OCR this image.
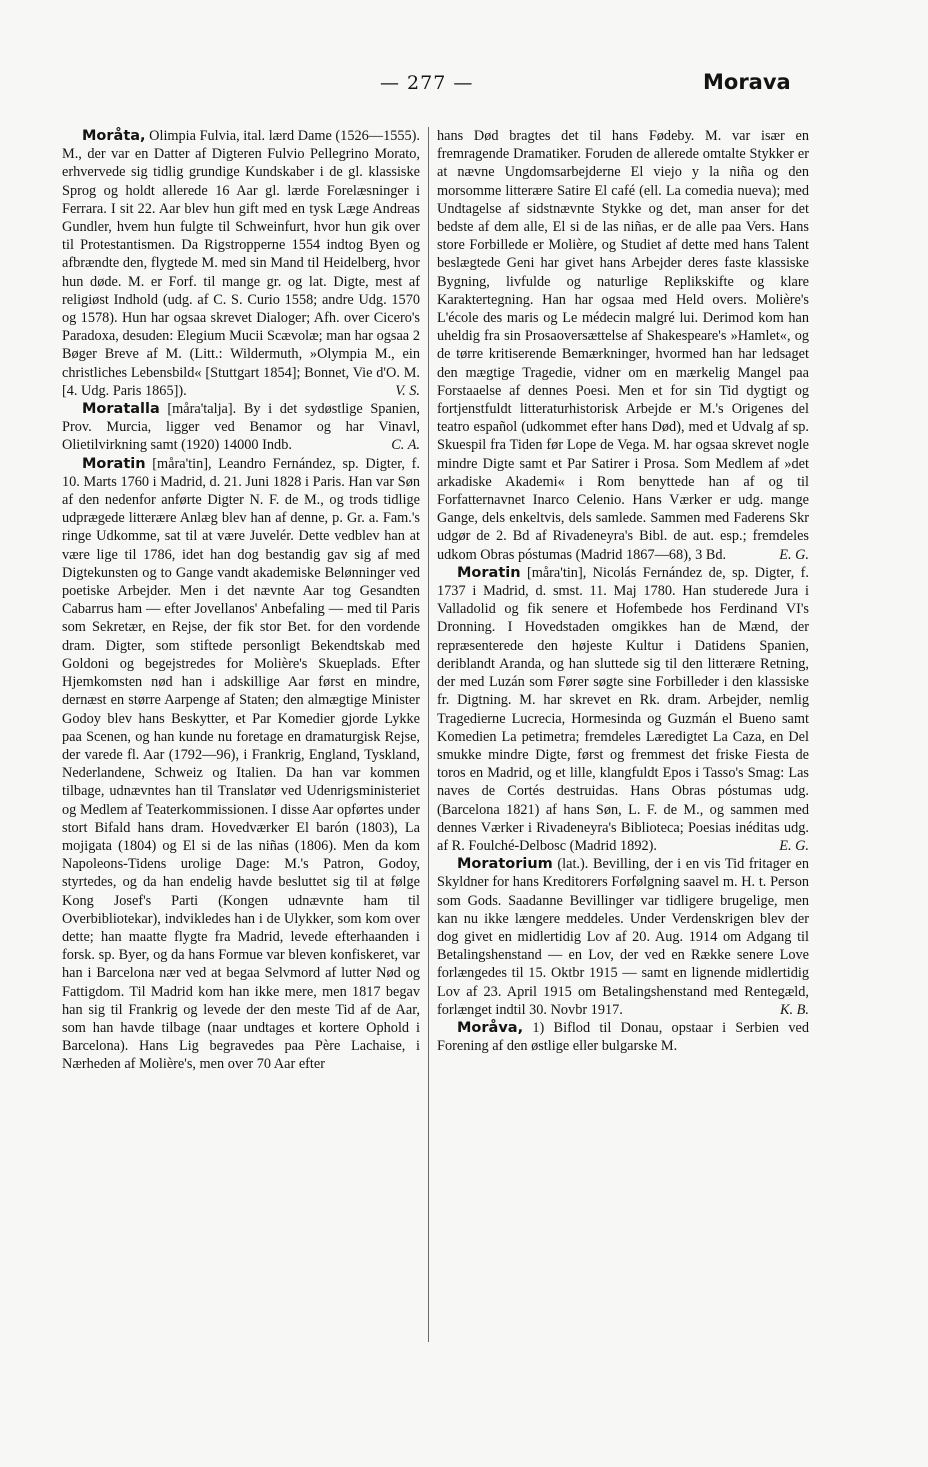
— 277 —	Morava

Moråta, Olimpia Fulvia, ital. lærd Dame (1526—1555). M., der var en Datter af Digteren Fulvio Pellegrino Morato, erhvervede sig tidlig grundige Kundskaber i de gl. klassiske Sprog og holdt allerede 16 Aar gl. lærde Forelæsninger i Ferrara. I sit 22. Aar blev hun gift med en tysk Læge Andreas Gundler, hvem hun fulgte til Schweinfurt, hvor hun gik over til Protestantismen. Da Rigstropperne 1554 indtog Byen og afbrændte den, flygtede M. med sin Mand til Heidelberg, hvor hun døde. M. er Forf. til mange gr. og lat. Digte, mest af religiøst Indhold (udg. af C. S. Curio 1558; andre Udg. 1570 og 1578). Hun har ogsaa skrevet Dialoger; Afh. over Cicero's Paradoxa, desuden: Elegium Mucii Scævolæ; man har ogsaa 2 Bøger Breve af M. (Litt.: Wildermuth, »Olympia M., ein christliches Lebensbild« [Stuttgart 1854]; Bonnet, Vie d'O. M. [4. Udg. Paris 1865]).	V. S.

Moratalla [måra'talja]. By i det sydøstlige Spanien, Prov. Murcia, ligger ved Benamor og har Vinavl, Olietilvirkning samt (1920) 14000 Indb.	C. A.

Moratin [måra'tin], Leandro Fernández, sp. Digter, f. 10. Marts 1760 i Madrid, d. 21. Juni 1828 i Paris. Han var Søn af den nedenfor anførte Digter N. F. de M., og trods tidlige udprægede litterære Anlæg blev han af denne, p. Gr. a. Fam.'s ringe Udkomme, sat til at være Juvelér. Dette vedblev han at være lige til 1786, idet han dog bestandig gav sig af med Digtekunsten og to Gange vandt akademiske Belønninger ved poetiske Arbejder. Men i det nævnte Aar tog Gesandten Cabarrus ham — efter Jovellanos' Anbefaling — med til Paris som Sekretær, en Rejse, der fik stor Bet. for den vordende dram. Digter, som stiftede personligt Bekendtskab med Goldoni og begejstredes for Molière's Skueplads. Efter Hjemkomsten nød han i adskillige Aar først en mindre, dernæst en større Aarpenge af Staten; den almægtige Minister Godoy blev hans Beskytter, et Par Komedier gjorde Lykke paa Scenen, og han kunde nu foretage en dramaturgisk Rejse, der varede fl. Aar (1792—96), i Frankrig, England, Tyskland, Nederlandene, Schweiz og Italien. Da han var kommen tilbage, udnævntes han til Translatør ved Udenrigsministeriet og Medlem af Teaterkommissionen. I disse Aar opførtes under stort Bifald hans dram. Hovedværker El barón (1803), La mojigata (1804) og El si de las niñas (1806). Men da kom Napoleons-Tidens urolige Dage: M.'s Patron, Godoy, styrtedes, og da han endelig havde besluttet sig til at følge Kong Josef's Parti (Kongen udnævnte ham til Overbibliotekar), indvikledes han i de Ulykker, som kom over dette; han maatte flygte fra Madrid, levede efterhaanden i forsk. sp. Byer, og da hans Formue var bleven konfiskeret, var han i Barcelona nær ved at begaa Selvmord af lutter Nød og Fattigdom. Til Madrid kom han ikke mere, men 1817 begav han sig til Frankrig og levede der den meste Tid af de Aar, som han havde tilbage (naar undtages et kortere Ophold i Barcelona). Hans Lig begravedes paa Père Lachaise, i Nærheden af Molière's, men over 70 Aar efter

hans Død bragtes det til hans Fødeby. M. var især en fremragende Dramatiker. Foruden de allerede omtalte Stykker er at nævne Ungdomsarbejderne El viejo y la niña og den morsomme litterære Satire El café (ell. La comedia nueva); med Undtagelse af sidstnævnte Stykke og det, man anser for det bedste af dem alle, El si de las niñas, er de alle paa Vers. Hans store Forbillede er Molière, og Studiet af dette med hans Talent beslægtede Geni har givet hans Arbejder deres faste klassiske Bygning, livfulde og naturlige Replikskifte og klare Karaktertegning. Han har ogsaa med Held overs. Molière's L'école des maris og Le médecin malgré lui. Derimod kom han uheldig fra sin Prosaoversættelse af Shakespeare's »Hamlet«, og de tørre kritiserende Bemærkninger, hvormed han har ledsaget den mægtige Tragedie, vidner om en mærkelig Mangel paa Forstaaelse af dennes Poesi. Men et for sin Tid dygtigt og fortjenstfuldt litteraturhistorisk Arbejde er M.'s Origenes del teatro español (udkommet efter hans Død), med et Udvalg af sp. Skuespil fra Tiden før Lope de Vega. M. har ogsaa skrevet nogle mindre Digte samt et Par Satirer i Prosa. Som Medlem af »det arkadiske Akademi« i Rom benyttede han af og til Forfatternavnet Inarco Celenio. Hans Værker er udg. mange Gange, dels enkeltvis, dels samlede. Sammen med Faderens Skr udgør de 2. Bd af Rivadeneyra's Bibl. de aut. esp.; fremdeles udkom Obras póstumas (Madrid 1867—68), 3 Bd.	E. G.

Moratin [måra'tin], Nicolás Fernández de, sp. Digter, f. 1737 i Madrid, d. smst. 11. Maj 1780. Han studerede Jura i Valladolid og fik senere et Hofembede hos Ferdinand VI's Dronning. I Hovedstaden omgikkes han de Mænd, der repræsenterede den højeste Kultur i Datidens Spanien, deriblandt Aranda, og han sluttede sig til den litterære Retning, der med Luzán som Fører søgte sine Forbilleder i den klassiske fr. Digtning. M. har skrevet en Rk. dram. Arbejder, nemlig Tragedierne Lucrecia, Hormesinda og Guzmán el Bueno samt Komedien La petimetra; fremdeles Læredigtet La Caza, en Del smukke mindre Digte, først og fremmest det friske Fiesta de toros en Madrid, og et lille, klangfuldt Epos i Tasso's Smag: Las naves de Cortés destruidas. Hans Obras póstumas udg. (Barcelona 1821) af hans Søn, L. F. de M., og sammen med dennes Værker i Rivadeneyra's Biblioteca; Poesias inéditas udg. af R. Foulché-Delbosc (Madrid 1892).	E. G.

Moratorium (lat.). Bevilling, der i en vis Tid fritager en Skyldner for hans Kreditorers Forfølgning saavel m. H. t. Person som Gods. Saadanne Bevillinger var tidligere brugelige, men kan nu ikke længere meddeles. Under Verdenskrigen blev der dog givet en midlertidig Lov af 20. Aug. 1914 om Adgang til Betalingshenstand — en Lov, der ved en Række senere Love forlængedes til 15. Oktbr 1915 — samt en lignende midlertidig Lov af 23. April 1915 om Betalingshenstand med Rentegæld, forlænget indtil 30. Novbr 1917.	K. B.

Moråva, 1) Biflod til Donau, opstaar i Serbien ved Forening af den østlige eller bulgarske M.
